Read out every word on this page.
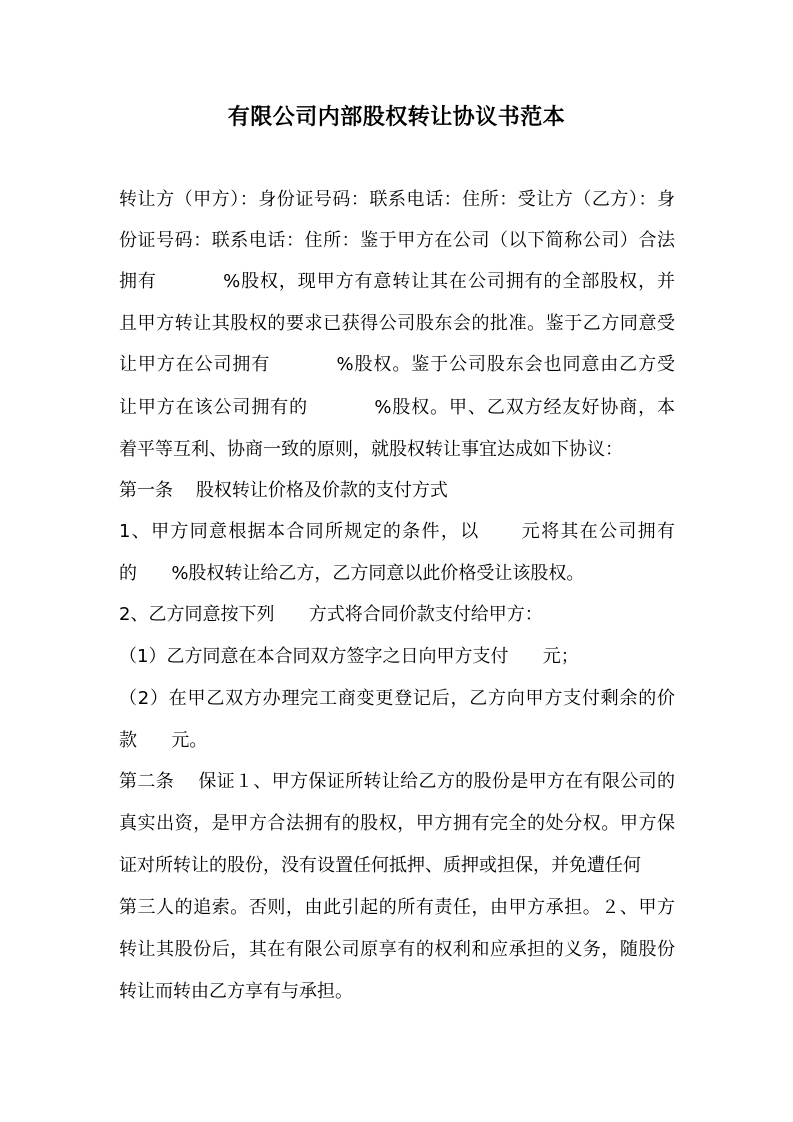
有限公司内部股权转让协议书范本
转让方（甲方）：身份证号码：联系电话：住所：受让方（乙方）：身
份证号码：联系电话：住所：鉴于甲方在公司（以下简称公司）合法
拥有          %股权，现甲方有意转让其在公司拥有的全部股权，并
且甲方转让其股权的要求已获得公司股东会的批准。鉴于乙方同意受
让甲方在公司拥有          %股权。鉴于公司股东会也同意由乙方受
让甲方在该公司拥有的          %股权。甲、乙双方经友好协商，本
着平等互利、协商一致的原则，就股权转让事宜达成如下协议：
第一条    股权转让价格及价款的支付方式
1、甲方同意根据本合同所规定的条件，以      元将其在公司拥有
的      %股权转让给乙方，乙方同意以此价格受让该股权。
2、乙方同意按下列      方式将合同价款支付给甲方：
（1）乙方同意在本合同双方签字之日向甲方支付      元；
（2）在甲乙双方办理完工商变更登记后，乙方向甲方支付剩余的价
款      元。
第二条    保证１、甲方保证所转让给乙方的股份是甲方在有限公司的
真实出资，是甲方合法拥有的股权，甲方拥有完全的处分权。甲方保
证对所转让的股份，没有设置任何抵押、质押或担保，并免遭任何
第三人的追索。否则，由此引起的所有责任，由甲方承担。２、甲方
转让其股份后，其在有限公司原享有的权利和应承担的义务，随股份
转让而转由乙方享有与承担。
